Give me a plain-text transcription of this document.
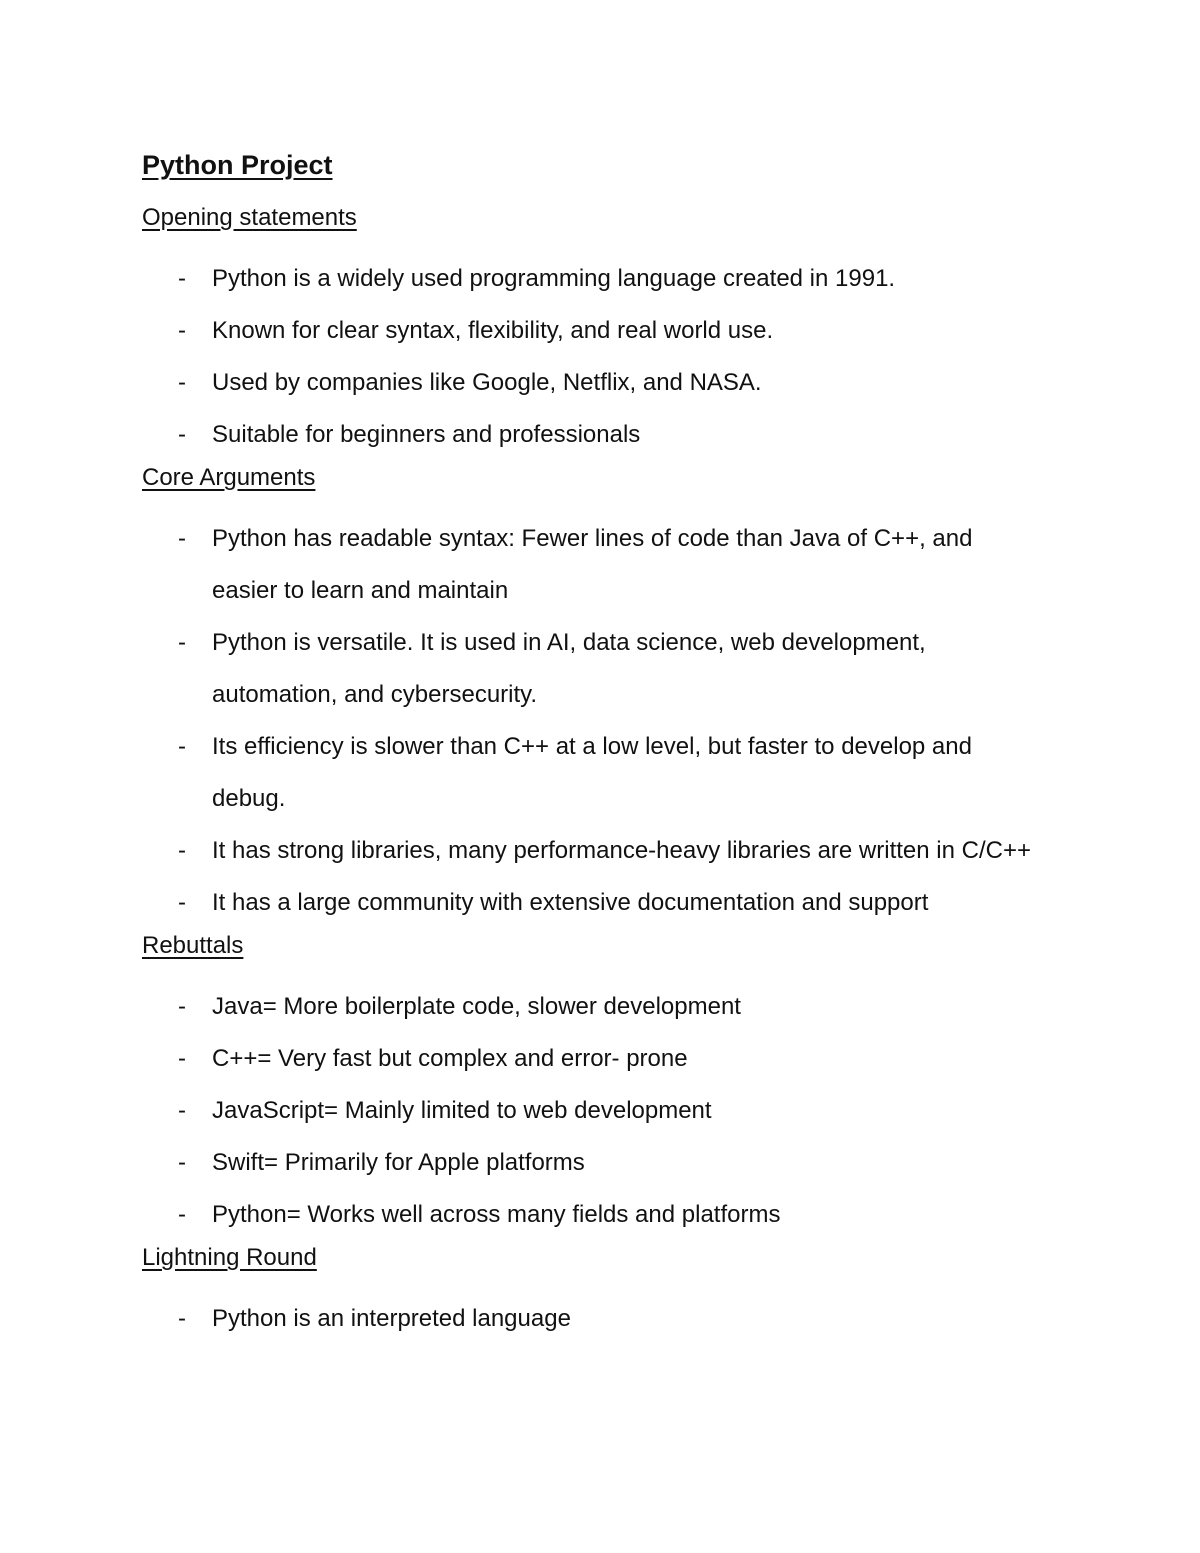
Python Project
Opening statements
- Python is a widely used programming language created in 1991.
- Known for clear syntax, flexibility, and real world use.
- Used by companies like Google, Netflix, and NASA.
- Suitable for beginners and professionals
Core Arguments
- Python has readable syntax: Fewer lines of code than Java of C++, and easier to learn and maintain
- Python is versatile. It is used in AI, data science, web development, automation, and cybersecurity.
- Its efficiency is slower than C++ at a low level, but faster to develop and debug.
- It has strong libraries, many performance-heavy libraries are written in C/C++
- It has a large community with extensive documentation and support
Rebuttals
- Java= More boilerplate code, slower development
- C++= Very fast but complex and error- prone
- JavaScript= Mainly limited to web development
- Swift= Primarily for Apple platforms
- Python= Works well across many fields and platforms
Lightning Round
- Python is an interpreted language
